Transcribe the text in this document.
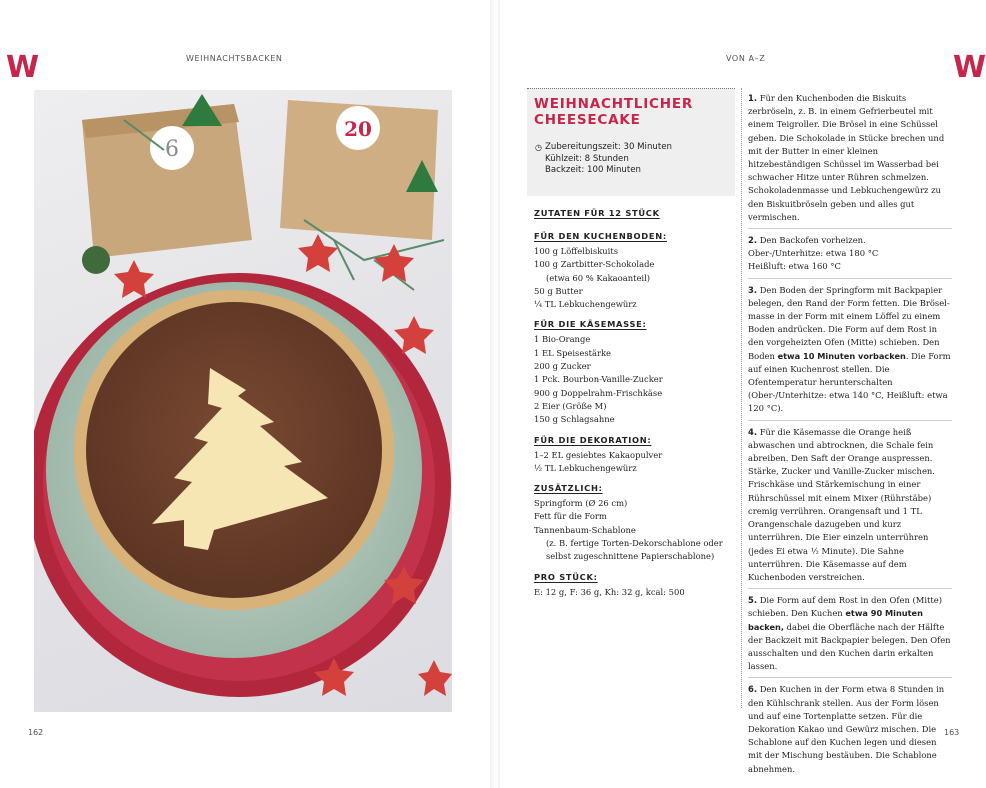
W	W
WEIHNACHTSBACKEN	VON A–Z
6
20
WEIHNACHTLICHER
CHEESECAKE
◷ Zubereitungszeit: 30 Minuten
Kühlzeit: 8 Stunden
Backzeit: 100 Minuten
ZUTATEN FÜR 12 STÜCK
FÜR DEN KUCHENBODEN:
100 g Löffelbiskuits
100 g Zartbitter-Schokolade
(etwa 60 % Kakaoanteil)
50 g Butter
¼ TL Lebkuchengewürz
FÜR DIE KÄSEMASSE:
1 Bio-Orange
1 EL Speisestärke
200 g Zucker
1 Pck. Bourbon-Vanille-Zucker
900 g Doppelrahm-Frischkäse
2 Eier (Größe M)
150 g Schlagsahne
FÜR DIE DEKORATION:
1–2 EL gesiebtes Kakaopulver
½ TL Lebkuchengewürz
ZUSÄTZLICH:
Springform (Ø 26 cm)
Fett für die Form
Tannenbaum-Schablone
(z. B. fertige Torten-Dekorschablone oder
selbst zugeschnittene Papierschablone)
PRO STÜCK:
E: 12 g, F: 36 g, Kh: 32 g, kcal: 500
1. Für den Kuchenboden die Biskuits zerbröseln, z. B. in einem Gefrierbeutel mit einem Teigroller. Die Brösel in eine Schüssel geben. Die Schokolade in Stücke brechen und mit der Butter in einer kleinen hitzebeständigen Schüssel im Wasserbad bei schwacher Hitze unter Rühren schmelzen. Schokoladenmasse und Lebkuchengewürz zu den Biskuitbröseln geben und alles gut vermischen.
2. Den Backofen vorheizen.
Ober-/Unterhitze: etwa 180 °C
Heißluft: etwa 160 °C
3. Den Boden der Springform mit Backpapier belegen, den Rand der Form fetten. Die Bröselmasse in der Form mit einem Löffel zu einem Boden andrücken. Die Form auf dem Rost in den vorgeheizten Ofen (Mitte) schieben. Den Boden etwa 10 Minuten vorbacken. Die Form auf einen Kuchenrost stellen. Die Ofentemperatur herunterschalten (Ober-/Unterhitze: etwa 140 °C, Heißluft: etwa 120 °C).
4. Für die Käsemasse die Orange heiß abwaschen und abtrocknen, die Schale fein abreiben. Den Saft der Orange auspressen. Stärke, Zucker und Vanille-Zucker mischen. Frischkäse und Stärkemischung in einer Rührschüssel mit einem Mixer (Rührstäbe) cremig verrühren. Orangensaft und 1 TL Orangenschale dazugeben und kurz unterrühren. Die Eier einzeln unterrühren (jedes Ei etwa ½ Minute). Die Sahne unterrühren. Die Käsemasse auf dem Kuchenboden verstreichen.
5. Die Form auf dem Rost in den Ofen (Mitte) schieben. Den Kuchen etwa 90 Minuten backen, dabei die Oberfläche nach der Hälfte der Backzeit mit Backpapier belegen. Den Ofen ausschalten und den Kuchen darin erkalten lassen.
6. Den Kuchen in der Form etwa 8 Stunden in den Kühlschrank stellen. Aus der Form lösen und auf eine Tortenplatte setzen. Für die Dekoration Kakao und Gewürz mischen. Die Schablone auf den Kuchen legen und diesen mit der Mischung bestäuben. Die Schablone abnehmen.
162	163
